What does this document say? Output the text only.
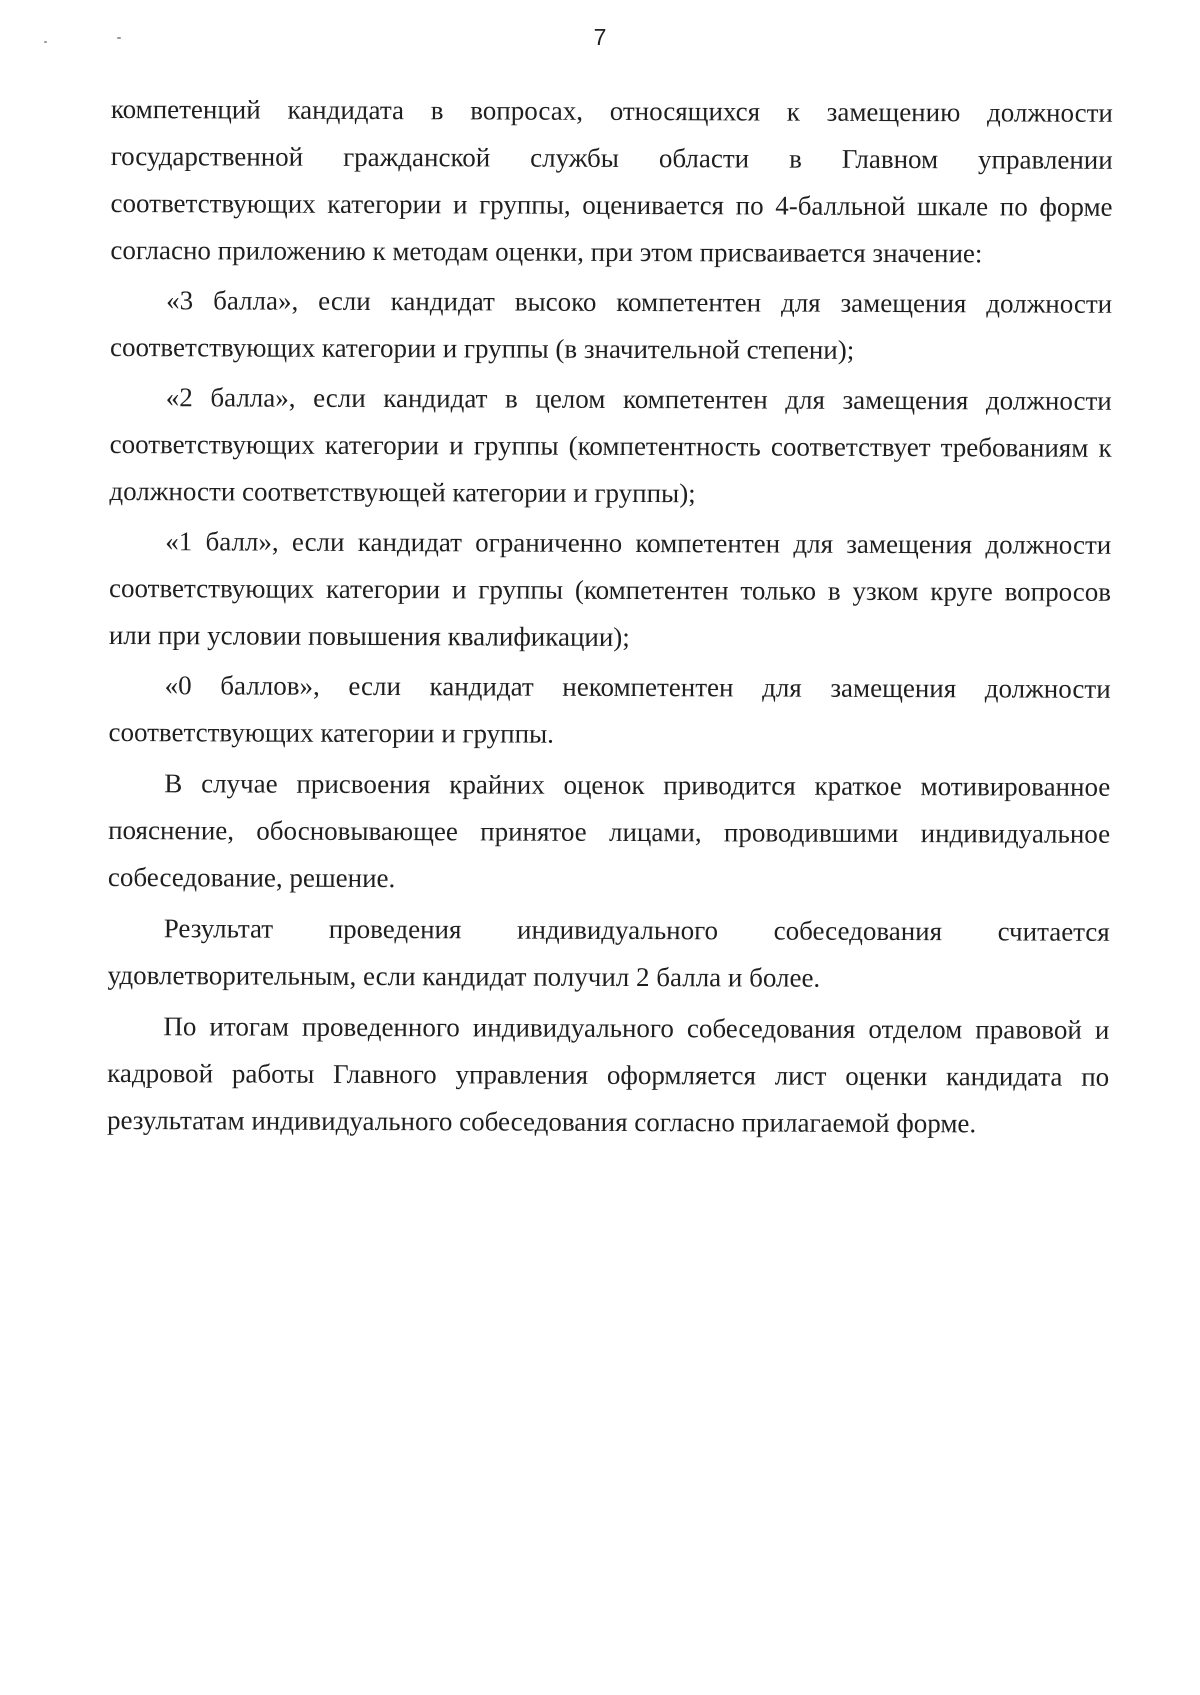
7

компетенций кандидата в вопросах, относящихся к замещению должности государственной гражданской службы области в Главном управлении соответствующих категории и группы, оценивается по 4-балльной шкале по форме согласно приложению к методам оценки, при этом присваивается значение:

«3 балла», если кандидат высоко компетентен для замещения должности соответствующих категории и группы (в значительной степени);

«2 балла», если кандидат в целом компетентен для замещения должности соответствующих категории и группы (компетентность соответствует требованиям к должности соответствующей категории и группы);

«1 балл», если кандидат ограниченно компетентен для замещения должности соответствующих категории и группы (компетентен только в узком круге вопросов или при условии повышения квалификации);

«0 баллов», если кандидат некомпетентен для замещения должности соответствующих категории и группы.

В случае присвоения крайних оценок приводится краткое мотивированное пояснение, обосновывающее принятое лицами, проводившими индивидуальное собеседование, решение.

Результат проведения индивидуального собеседования считается удовлетворительным, если кандидат получил 2 балла и более.

По итогам проведенного индивидуального собеседования отделом правовой и кадровой работы Главного управления оформляется лист оценки кандидата по результатам индивидуального собеседования согласно прилагаемой форме.
